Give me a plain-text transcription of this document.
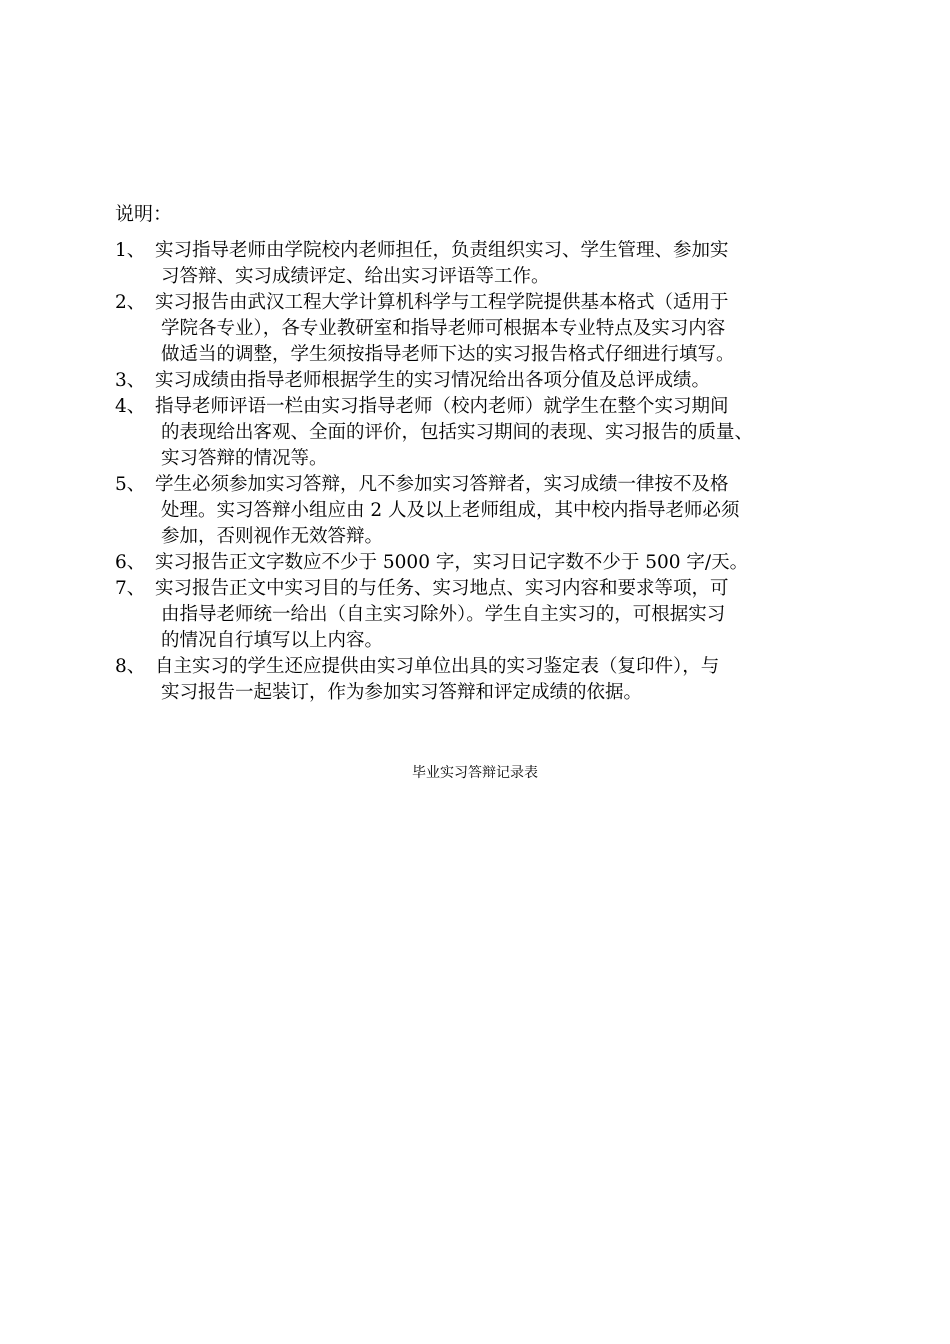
说明：
1、 实习指导老师由学院校内老师担任，负责组织实习、学生管理、参加实
习答辩、实习成绩评定、给出实习评语等工作。
2、 实习报告由武汉工程大学计算机科学与工程学院提供基本格式（适用于
学院各专业），各专业教研室和指导老师可根据本专业特点及实习内容
做适当的调整，学生须按指导老师下达的实习报告格式仔细进行填写。
3、 实习成绩由指导老师根据学生的实习情况给出各项分值及总评成绩。
4、 指导老师评语一栏由实习指导老师（校内老师）就学生在整个实习期间
的表现给出客观、全面的评价，包括实习期间的表现、实习报告的质量、
实习答辩的情况等。
5、 学生必须参加实习答辩，凡不参加实习答辩者，实习成绩一律按不及格
处理。实习答辩小组应由 2 人及以上老师组成，其中校内指导老师必须
参加，否则视作无效答辩。
6、 实习报告正文字数应不少于 5000 字，实习日记字数不少于 500 字/天。
7、 实习报告正文中实习目的与任务、实习地点、实习内容和要求等项，可
由指导老师统一给出（自主实习除外）。学生自主实习的，可根据实习
的情况自行填写以上内容。
8、 自主实习的学生还应提供由实习单位出具的实习鉴定表（复印件），与
实习报告一起装订，作为参加实习答辩和评定成绩的依据。
毕业实习答辩记录表
